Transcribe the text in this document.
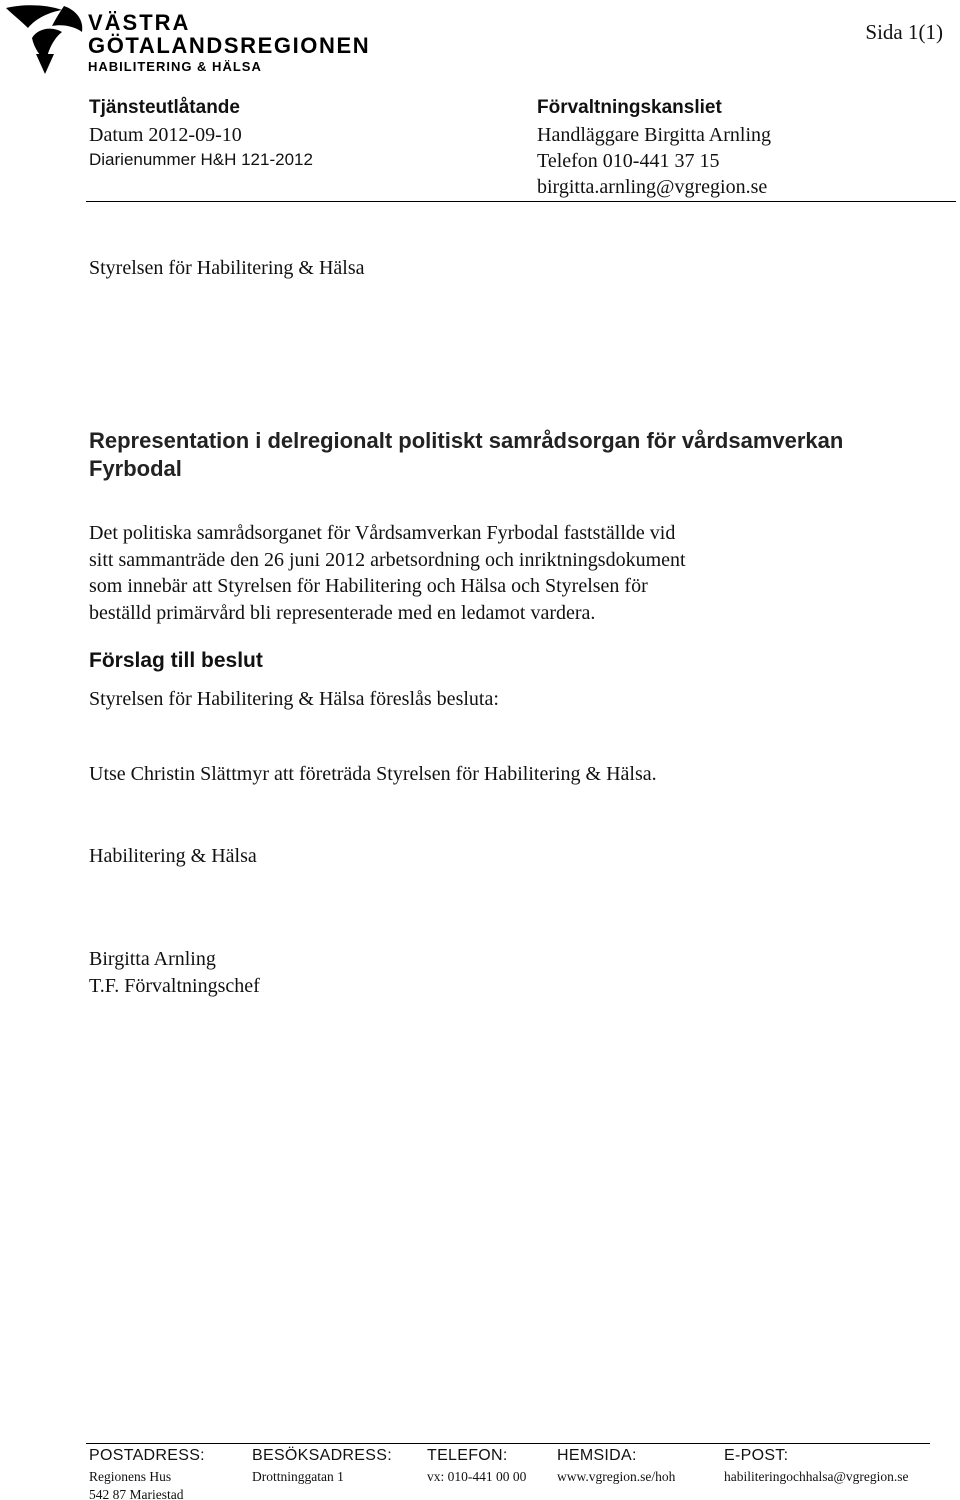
VÄSTRA
GÖTALANDSREGIONEN
HABILITERING & HÄLSA
Sida 1(1)
Tjänsteutlåtande
Datum 2012-09-10
Diarienummer H&H 121-2012
Förvaltningskansliet
Handläggare Birgitta Arnling
Telefon 010-441 37 15
birgitta.arnling@vgregion.se
Styrelsen för Habilitering & Hälsa
Representation i delregionalt politiskt samrådsorgan för vårdsamverkan Fyrbodal
Det politiska samrådsorganet för Vårdsamverkan Fyrbodal fastställde vid
sitt sammanträde den 26 juni 2012 arbetsordning och inriktningsdokument
som innebär att Styrelsen för Habilitering och Hälsa och Styrelsen för
beställd primärvård bli representerade med en ledamot vardera.
Förslag till beslut
Styrelsen för Habilitering & Hälsa föreslås besluta:
Utse Christin Slättmyr att företräda Styrelsen för Habilitering & Hälsa.
Habilitering & Hälsa
Birgitta Arnling
T.F. Förvaltningschef
POSTADRESS:
Regionens Hus
542 87 Mariestad
BESÖKSADRESS:
Drottninggatan 1
TELEFON:
vx: 010-441 00 00
HEMSIDA:
www.vgregion.se/hoh
E-POST:
habiliteringochhalsa@vgregion.se
